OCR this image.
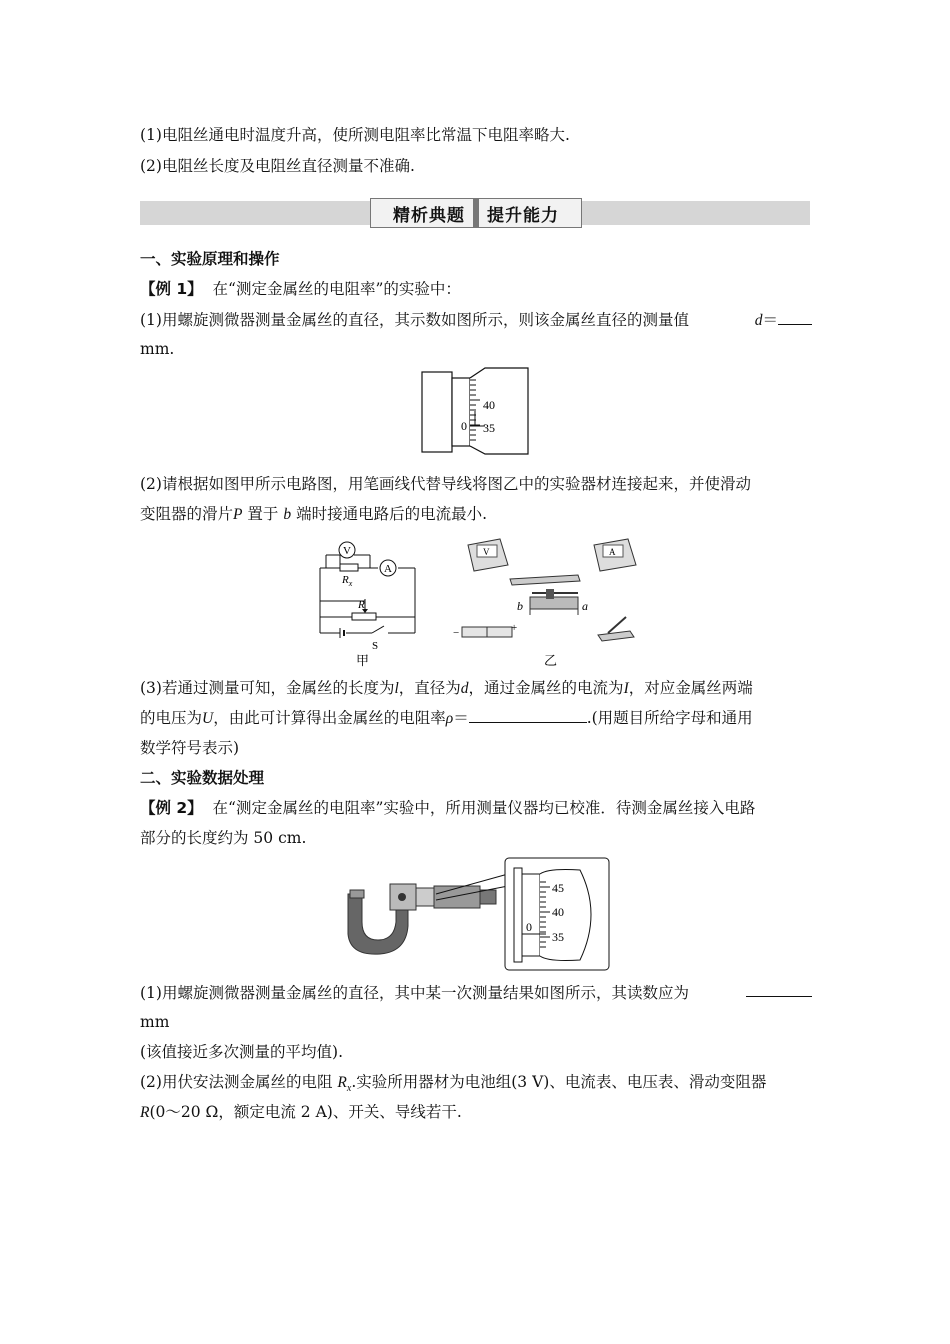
(1)电阻丝通电时温度升高，使所测电阻率比常温下电阻率略大.
(2)电阻丝长度及电阻丝直径测量不准确.
精析典题	提升能力
一、实验原理和操作
【例 1】 在“测定金属丝的电阻率”的实验中：
(1)用螺旋测微器测量金属丝的直径，其示数如图所示，则该金属丝直径的测量值	d＝
mm.
40
0 35
(2)请根据如图甲所示电路图，用笔画线代替导线将图乙中的实验器材连接起来，并使滑动
变阻器的滑片P 置于 b 端时接通电路后的电流最小.
V
$R_x$
A
R
S
甲
V	A
b	a
−	+
乙
(3)若通过测量可知，金属丝的长度为l，直径为d，通过金属丝的电流为I，对应金属丝两端
的电压为U，由此可计算得出金属丝的电阻率ρ＝	.(用题目所给字母和通用
数学符号表示)
二、实验数据处理
【例 2】 在“测定金属丝的电阻率”实验中，所用测量仪器均已校准．待测金属丝接入电路
部分的长度约为 50 cm.
45
40
0
35
(1)用螺旋测微器测量金属丝的直径，其中某一次测量结果如图所示，其读数应为
mm
(该值接近多次测量的平均值).
(2)用伏安法测金属丝的电阻 $R_x$.实验所用器材为电池组(3 V)、电流表、电压表、滑动变阻器
R(0～20 Ω，额定电流 2 A)、开关、导线若干.
